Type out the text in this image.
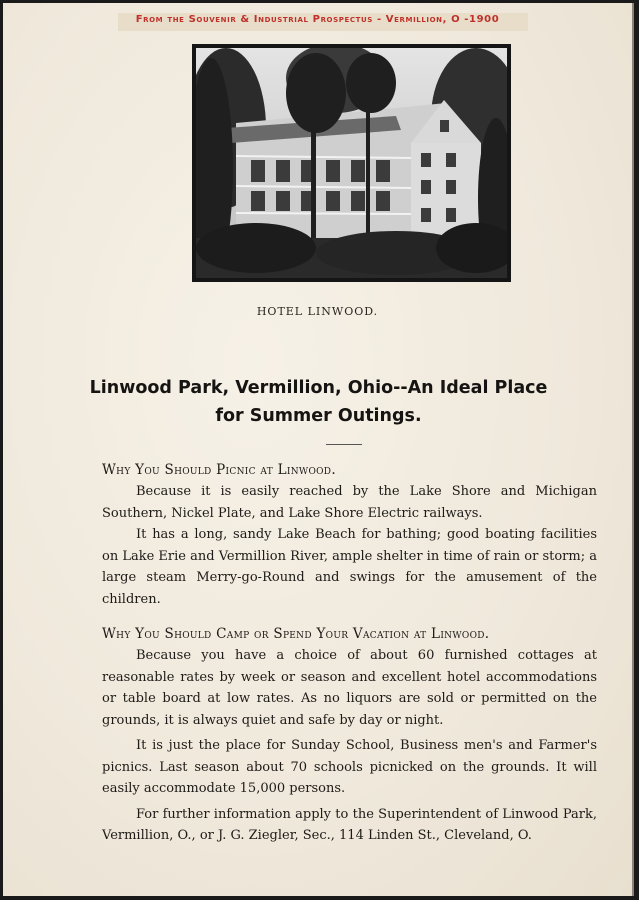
From the Souvenir & Industrial Prospectus - Vermillion, O -1900
HOTEL LINWOOD.
Linwood Park, Vermillion, Ohio--An Ideal Place
for Summer Outings.
Why You Should Picnic at Linwood.

Because it is easily reached by the Lake Shore and Michigan Southern, Nickel Plate, and Lake Shore Electric railways.

It has a long, sandy Lake Beach for bathing; good boating facilities on Lake Erie and Vermillion River, ample shelter in time of rain or storm; a large steam Merry-go-Round and swings for the amusement of the children.

Why You Should Camp or Spend Your Vacation at Linwood.

Because you have a choice of about 60 furnished cottages at reasonable rates by week or season and excellent hotel accommodations or table board at low rates. As no liquors are sold or permitted on the grounds, it is always quiet and safe by day or night.

It is just the place for Sunday School, Business men's and Farmer's picnics. Last season about 70 schools picnicked on the grounds. It will easily accommodate 15,000 persons.

For further information apply to the Superintendent of Linwood Park, Vermillion, O., or J. G. Ziegler, Sec., 114 Linden St., Cleveland, O.
